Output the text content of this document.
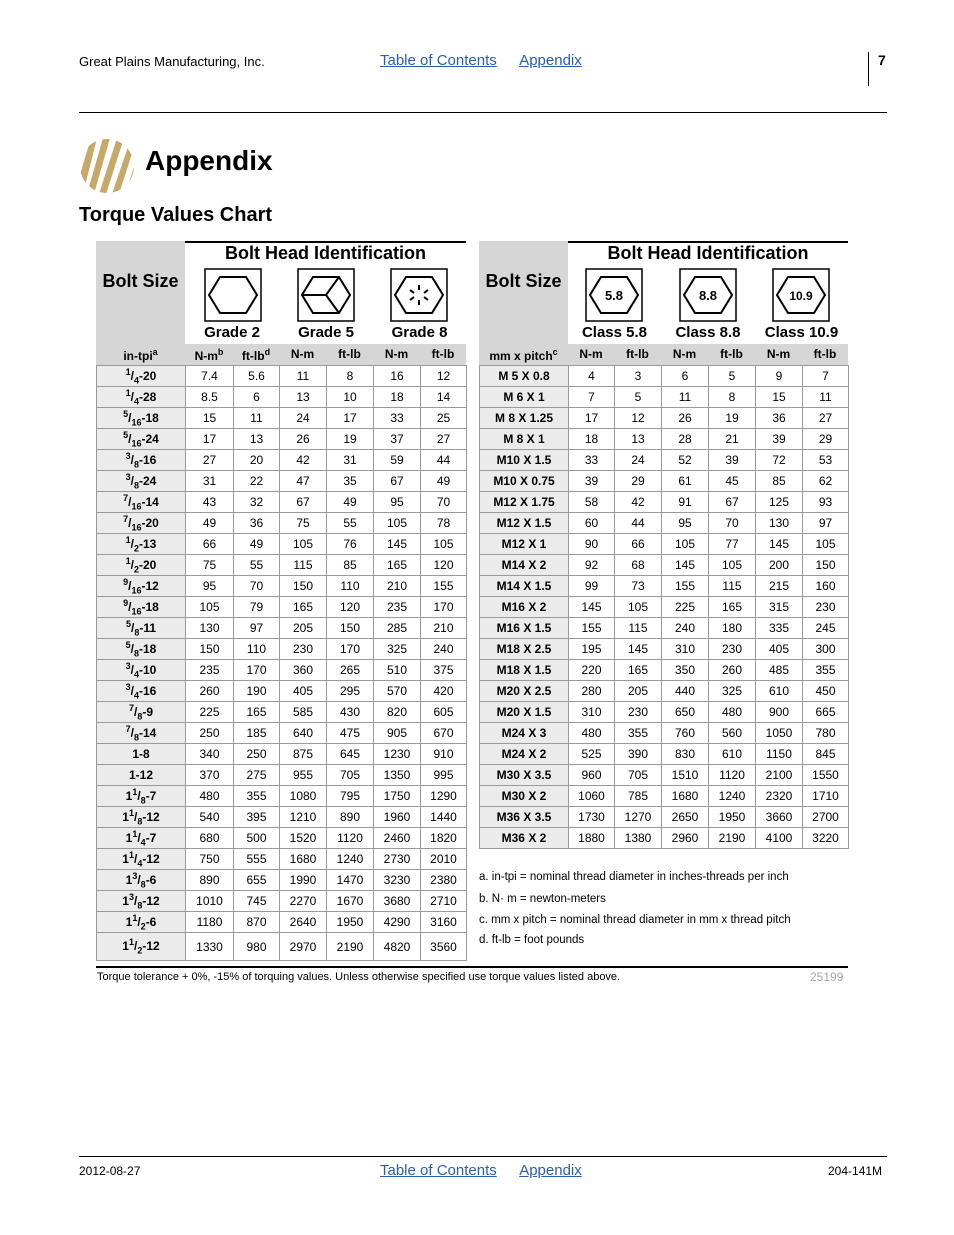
Great Plains Manufacturing, Inc.	Table of Contents Appendix	7
Appendix
Torque Values Chart
Bolt Head Identification
Bolt Size
Grade 2	Grade 5	Grade 8
in-tpi$^a$	$N-m^b$	$ft-lb^d$	N-m	ft-lb	N-m	ft-lb
$^1/_4-20$	7.4	5.6	11	8	16	12
$^1/_4-28$	8.5	6	13	10	18	14
$^5/_{16}-18$	15	11	24	17	33	25
$^5/_{16}-24$	17	13	26	19	37	27
$^3/_8-16$	27	20	42	31	59	44
$^3/_8-24$	31	22	47	35	67	49
$^7/_{16}-14$	43	32	67	49	95	70
$^7/_{16}-20$	49	36	75	55	105	78
$^1/_2-13$	66	49	105	76	145	105
$^1/_2-20$	75	55	115	85	165	120
$^9/_{16}-12$	95	70	150	110	210	155
$^9/_{16}-18$	105	79	165	120	235	170
$^5/_8-11$	130	97	205	150	285	210
$^5/_8-18$	150	110	230	170	325	240
$^3/_4-10$	235	170	360	265	510	375
$^3/_4-16$	260	190	405	295	570	420
$^7/_8-9$	225	165	585	430	820	605
$^7/_8-14$	250	185	640	475	905	670
1-8	340	250	875	645	1230	910
1-12	370	275	955	705	1350	995
$1^1/_8-7$	480	355	1080	795	1750	1290
$1^1/_8-12$	540	395	1210	890	1960	1440
$1^1/_4-7$	680	500	1520	1120	2460	1820
$1^1/_4-12$	750	555	1680	1240	2730	2010
$1^3/_8-6$	890	655	1990	1470	3230	2380
$1^3/_8-12$	1010	745	2270	1670	3680	2710
$1^1/_2-6$	1180	870	2640	1950	4290	3160
$1^1/_2-12$	1330	980	2970	2190	4820	3560
Bolt Head Identification
Bolt Size
5.8	8.8	10.9
Class 5.8	Class 8.8	Class 10.9
mm x pitch$^c$	N-m	ft-lb	N-m	ft-lb	N-m	ft-lb
M 5 X 0.8	4	3	6	5	9	7
M 6 X 1	7	5	11	8	15	11
M 8 X 1.25	17	12	26	19	36	27
M 8 X 1	18	13	28	21	39	29
M10 X 1.5	33	24	52	39	72	53
M10 X 0.75	39	29	61	45	85	62
M12 X 1.75	58	42	91	67	125	93
M12 X 1.5	60	44	95	70	130	97
M12 X 1	90	66	105	77	145	105
M14 X 2	92	68	145	105	200	150
M14 X 1.5	99	73	155	115	215	160
M16 X 2	145	105	225	165	315	230
M16 X 1.5	155	115	240	180	335	245
M18 X 2.5	195	145	310	230	405	300
M18 X 1.5	220	165	350	260	485	355
M20 X 2.5	280	205	440	325	610	450
M20 X 1.5	310	230	650	480	900	665
M24 X 3	480	355	760	560	1050	780
M24 X 2	525	390	830	610	1150	845
M30 X 3.5	960	705	1510	1120	2100	1550
M30 X 2	1060	785	1680	1240	2320	1710
M36 X 3.5	1730	1270	2650	1950	3660	2700
M36 X 2	1880	1380	2960	2190	4100	3220
a. in-tpi = nominal thread diameter in inches-threads per inch
b. N· m = newton-meters
c. mm x pitch = nominal thread diameter in mm x thread pitch
d. ft-lb = foot pounds
Torque tolerance + 0%, -15% of torquing values. Unless otherwise specified use torque values listed above.	25199
2012-08-27	Table of Contents Appendix	204-141M
